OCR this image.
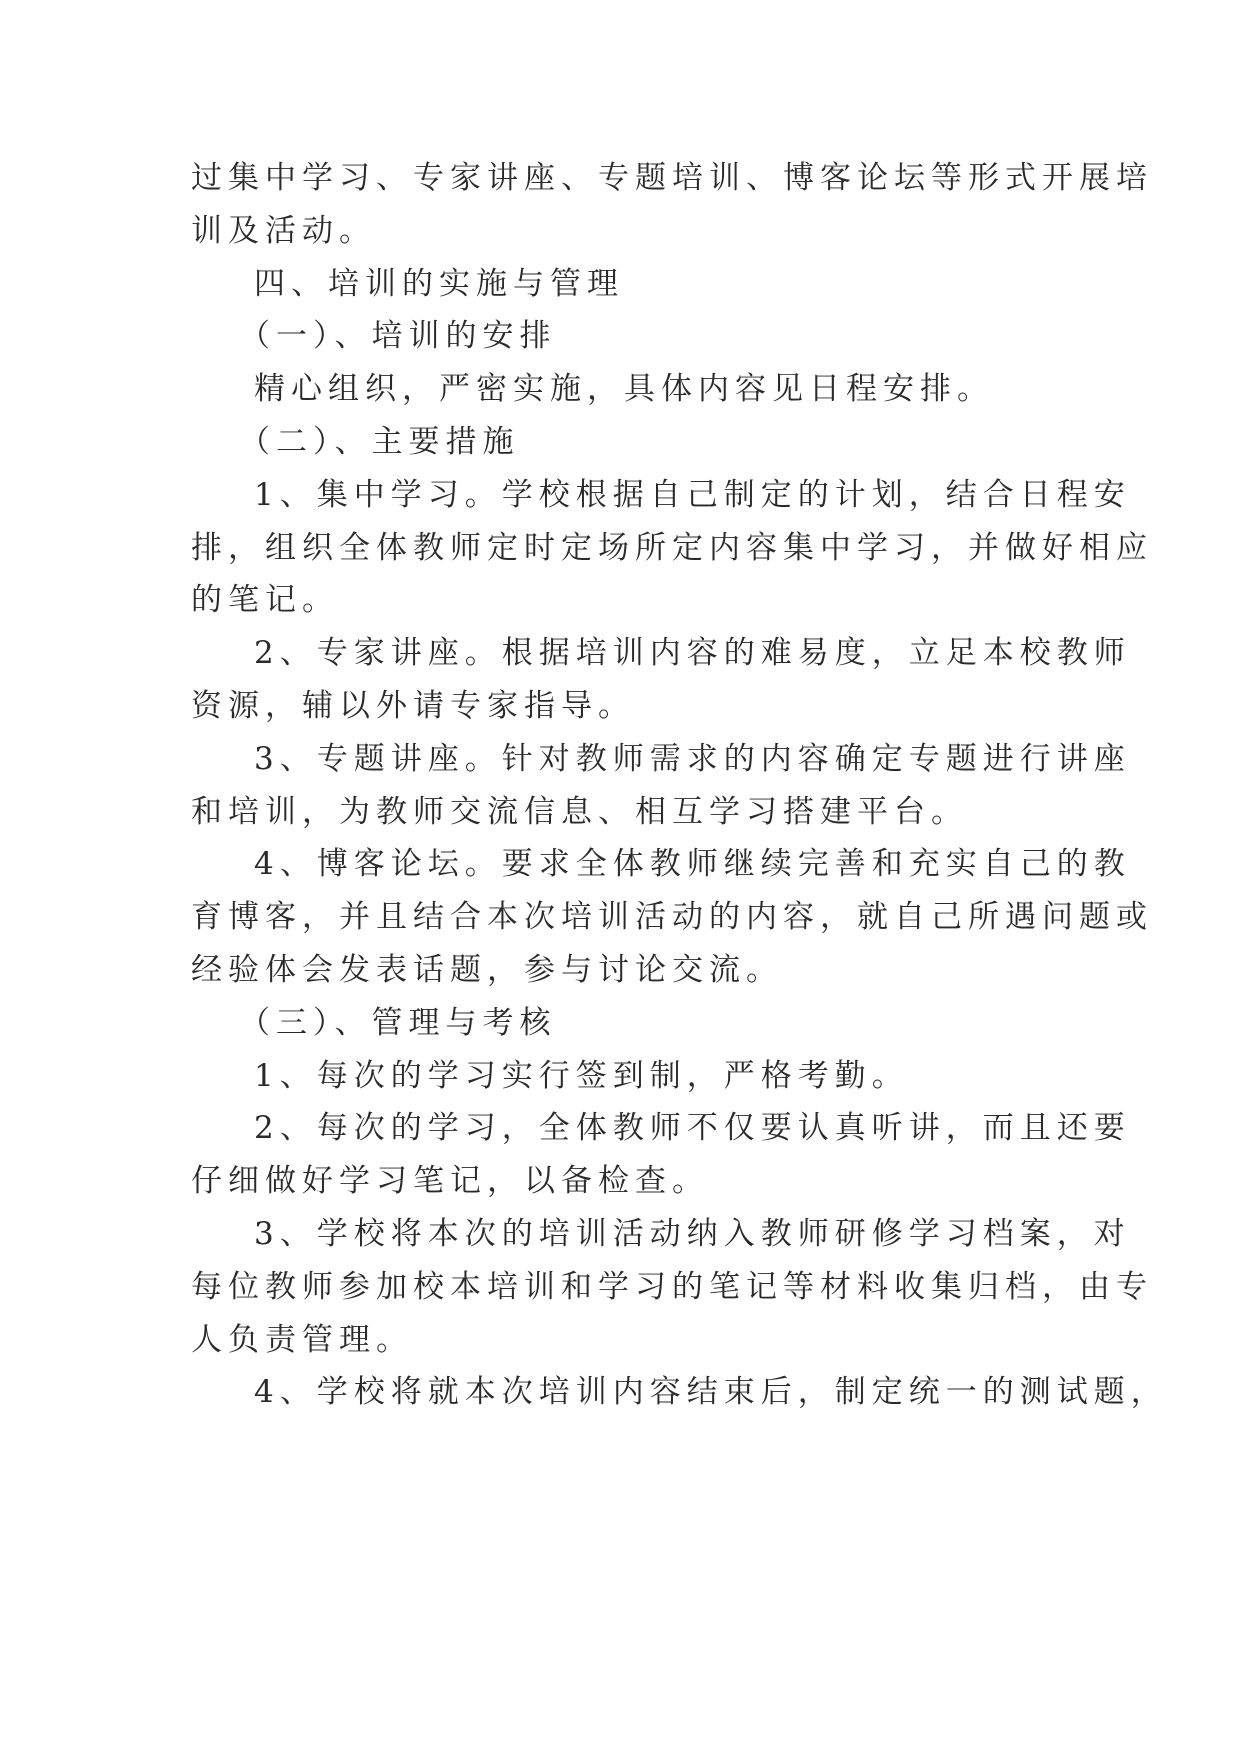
过集中学习、专家讲座、专题培训、博客论坛等形式开展培
训及活动。
四、培训的实施与管理
（一）、培训的安排
精心组织，严密实施，具体内容见日程安排。
（二）、主要措施
1、集中学习。学校根据自己制定的计划，结合日程安
排，组织全体教师定时定场所定内容集中学习，并做好相应
的笔记。
2、专家讲座。根据培训内容的难易度，立足本校教师
资源，辅以外请专家指导。
3、专题讲座。针对教师需求的内容确定专题进行讲座
和培训，为教师交流信息、相互学习搭建平台。
4、博客论坛。要求全体教师继续完善和充实自己的教
育博客，并且结合本次培训活动的内容，就自己所遇问题或
经验体会发表话题，参与讨论交流。
（三）、管理与考核
1、每次的学习实行签到制，严格考勤。
2、每次的学习，全体教师不仅要认真听讲，而且还要
仔细做好学习笔记，以备检查。
3、学校将本次的培训活动纳入教师研修学习档案，对
每位教师参加校本培训和学习的笔记等材料收集归档，由专
人负责管理。
4、学校将就本次培训内容结束后，制定统一的测试题，
